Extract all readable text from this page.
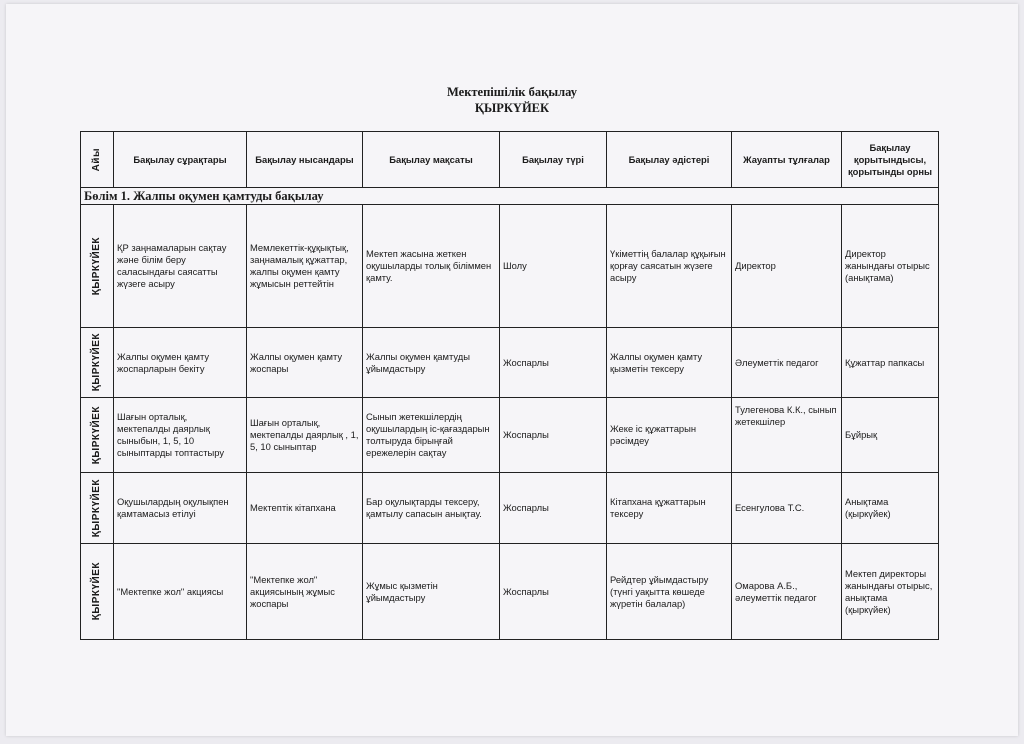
Мектепішілік бақылау
ҚЫРКҮЙЕК
Айы	Бақылау сұрақтары	Бақылау нысандары	Бақылау мақсаты	Бақылау түрі	Бақылау әдістері	Жауапты тұлғалар	Бақылау қорытындысы, қорытынды орны
Бөлім 1. Жалпы оқумен қамтуды бақылау							

ҚЫРКҮЙЕК	ҚР заңнамаларын сақтау және білім беру саласындағы саясатты жүзеге асыру	Мемлекеттік-құқықтық, заңнамалық құжаттар, жалпы оқумен қамту жұмысын реттейтін	Мектеп жасына жеткен оқушыларды толық біліммен қамту.	Шолу	Үкіметтің балалар құқығын қорғау саясатын жүзеге асыру	Директор	Директор жанындағы отырыс (анықтама)

ҚЫРКҮЙЕК	Жалпы оқумен қамту жоспарларын бекіту	Жалпы оқумен қамту жоспары	Жалпы оқумен қамтуды ұйымдастыру	Жоспарлы	Жалпы оқумен қамту қызметін тексеру	Әлеуметтік педагог	Құжаттар папкасы

ҚЫРКҮЙЕК	Шағын орталық, мектепалды даярлық сыныбын, 1, 5, 10 сыныптарды топтастыру	Шағын орталық, мектепалды даярлық , 1, 5, 10 сыныптар	Сынып жетекшілердің оқушылардың іс-қағаздарын толтыруда бірыңғай ережелерін сақтау	Жоспарлы	Жеке іс құжаттарын рәсімдеу	Тулегенова К.К., сынып жетекшілер	Бұйрық

ҚЫРКҮЙЕК	Оқушылардың оқулықпен қамтамасыз етілуі	Мектептік кітапхана	Бар оқулықтарды тексеру, қамтылу сапасын анықтау.	Жоспарлы	Кітапхана құжаттарын тексеру	Есенгулова Т.С.	Анықтама (қыркүйек)

ҚЫРКҮЙЕК	"Мектепке жол" акциясы	"Мектепке жол" акциясының жұмыс жоспары	Жұмыс қызметін ұйымдастыру	Жоспарлы	Рейдтер ұйымдастыру (түнгі уақытта көшеде жүретін балалар)	Омарова А.Б., әлеуметтік педагог	Мектеп директоры жанындағы отырыс, анықтама (қыркүйек)
